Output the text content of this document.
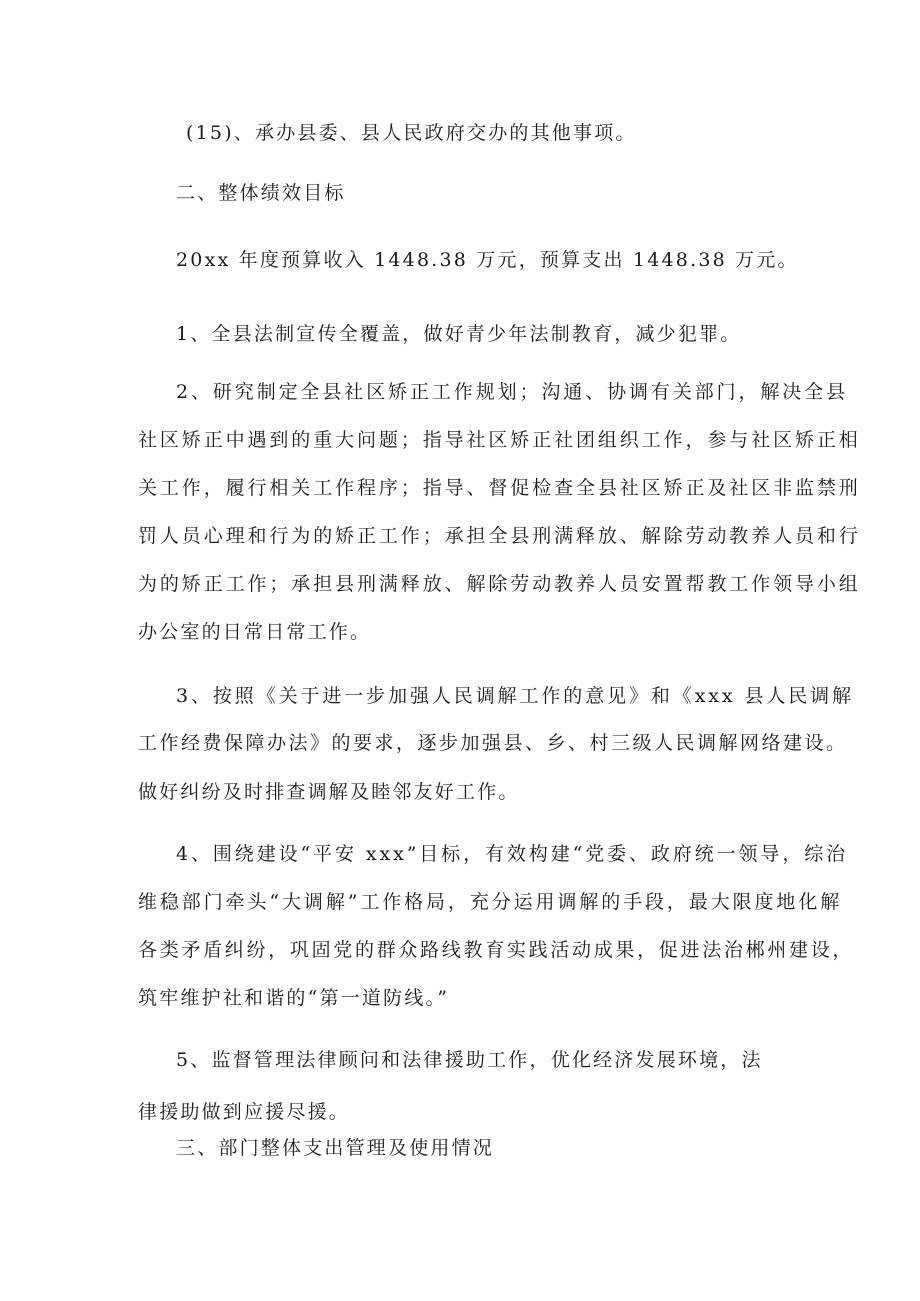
(15)、承办县委、县人民政府交办的其他事项。
二、整体绩效目标
20xx 年度预算收入 1448.38 万元，预算支出 1448.38 万元。
1、全县法制宣传全覆盖，做好青少年法制教育，减少犯罪。
2、研究制定全县社区矫正工作规划；沟通、协调有关部门，解决全县
社区矫正中遇到的重大问题；指导社区矫正社团组织工作，参与社区矫正相
关工作，履行相关工作程序；指导、督促检查全县社区矫正及社区非监禁刑
罚人员心理和行为的矫正工作；承担全县刑满释放、解除劳动教养人员和行
为的矫正工作；承担县刑满释放、解除劳动教养人员安置帮教工作领导小组
办公室的日常日常工作。
3、按照《关于进一步加强人民调解工作的意见》和《xxx 县人民调解
工作经费保障办法》的要求，逐步加强县、乡、村三级人民调解网络建设。
做好纠纷及时排查调解及睦邻友好工作。
4、围绕建设“平安 xxx”目标，有效构建“党委、政府统一领导，综治
维稳部门牵头“大调解”工作格局，充分运用调解的手段，最大限度地化解
各类矛盾纠纷，巩固党的群众路线教育实践活动成果，促进法治郴州建设，
筑牢维护社和谐的“第一道防线。”
5、监督管理法律顾问和法律援助工作，优化经济发展环境，法
律援助做到应援尽援。
三、部门整体支出管理及使用情况
